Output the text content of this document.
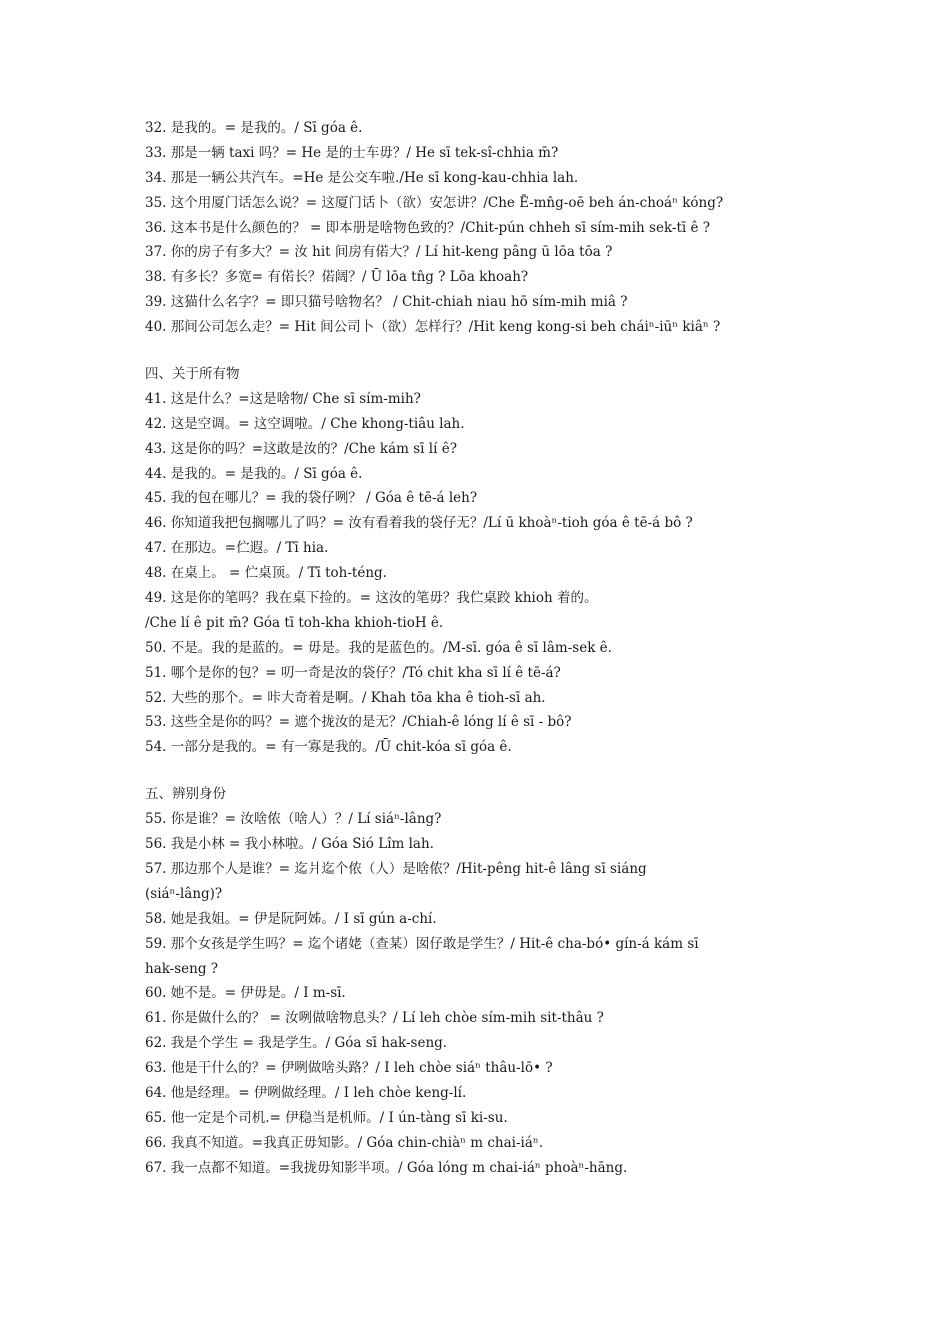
32. 是我的。= 是我的。/ Sī góa ê.
33. 那是一辆 taxi 吗？= He 是的士车毋？/ He sī tek-sî-chhia m̄?
34. 那是一辆公共汽车。=He 是公交车啦./He sī kong-kau-chhia lah.
35. 这个用厦门话怎么说？= 这厦门话卜（欲）安怎讲？/Che Ē-mn̂g-oē beh án-choáⁿ kóng?
36. 这本书是什么颜色的？ = 即本册是啥物色致的？/Chit-pún chheh sī sím-mih sek-tī ê ?
37. 你的房子有多大？= 汝 hit 间房有偌大？/ Lí hit-keng pâng ū lōa tōa ?
38. 有多长？多宽= 有偌长？偌阔？/ Ū lōa tn̂g ? Lōa khoah?
39. 这猫什么名字？= 即只猫号啥物名？ / Chit-chiah niau hō sím-mih miâ ?
40. 那间公司怎么走？= Hit 间公司卜（欲）怎样行？/Hit keng kong-si beh cháiⁿ-iūⁿ kiâⁿ ?
四、关于所有物
41. 这是什么？=这是啥物/ Che sī sím-mih?
42. 这是空调。= 这空调啦。/ Che khong-tiâu lah.
43. 这是你的吗？=这敢是汝的？/Che kám sī lí ê?
44. 是我的。= 是我的。/ Sī góa ê.
45. 我的包在哪儿？= 我的袋仔咧？ / Góa ê tē-á leh?
46. 你知道我把包搁哪儿了吗？= 汝有看着我的袋仔无？/Lí ū khoàⁿ-tioh góa ê tē-á bô ?
47. 在那边。=伫遐。/ Tī hia.
48. 在桌上。 = 伫桌顶。/ Tī toh-téng.
49. 这是你的笔吗？我在桌下捡的。= 这汝的笔毋？我伫桌跤 khioh 着的。
/Che lí ê pit m̄? Góa tī toh-kha khioh-tioH ê.
50. 不是。我的是蓝的。= 毋是。我的是蓝色的。/M-sī. góa ê sī lâm-sek ê.
51. 哪个是你的包？= 叨一奇是汝的袋仔？/Tó chit kha sī lí ê tē-á?
52. 大些的那个。= 咔大奇着是啊。/ Khah tōa kha ê tioh-sī ah.
53. 这些全是你的吗？= 遮个拢汝的是无？/Chiah-ê lóng lí ê sī - bô?
54. 一部分是我的。= 有一寡是我的。/Ū chit-kóa sī góa ê.
五、辨别身份
55. 你是谁？= 汝啥侬（啥人）？/ Lí siáⁿ-lâng?
56. 我是小林 = 我小林啦。/ Góa Sió Lîm lah.
57. 那边那个人是谁？= 迄爿迄个侬（人）是啥侬？/Hit-pêng hit-ê lâng sī siáng
(siáⁿ-lâng)?
58. 她是我姐。= 伊是阮阿姊。/ I sī gún a-chí.
59. 那个女孩是学生吗？= 迄个诸姥（查某）囡仔敢是学生？/ Hit-ê cha-bó• gín-á kám sī
hak-seng ?
60. 她不是。= 伊毋是。/ I m-sī.
61. 你是做什么的？ = 汝咧做啥物息头？/ Lí leh chòe sím-mih sit-thâu ?
62. 我是个学生 = 我是学生。/ Góa sī hak-seng.
63. 他是干什么的？= 伊咧做啥头路？/ I leh chòe siáⁿ thâu-lō• ?
64. 他是经理。= 伊咧做经理。/ I leh chòe keng-lí.
65. 他一定是个司机.= 伊稳当是机师。/ I ún-tàng sī ki-su.
66. 我真不知道。=我真正毋知影。/ Góa chin-chiàⁿ m chai-iáⁿ.
67. 我一点都不知道。=我拢毋知影半项。/ Góa lóng m chai-iáⁿ phoàⁿ-hāng.
